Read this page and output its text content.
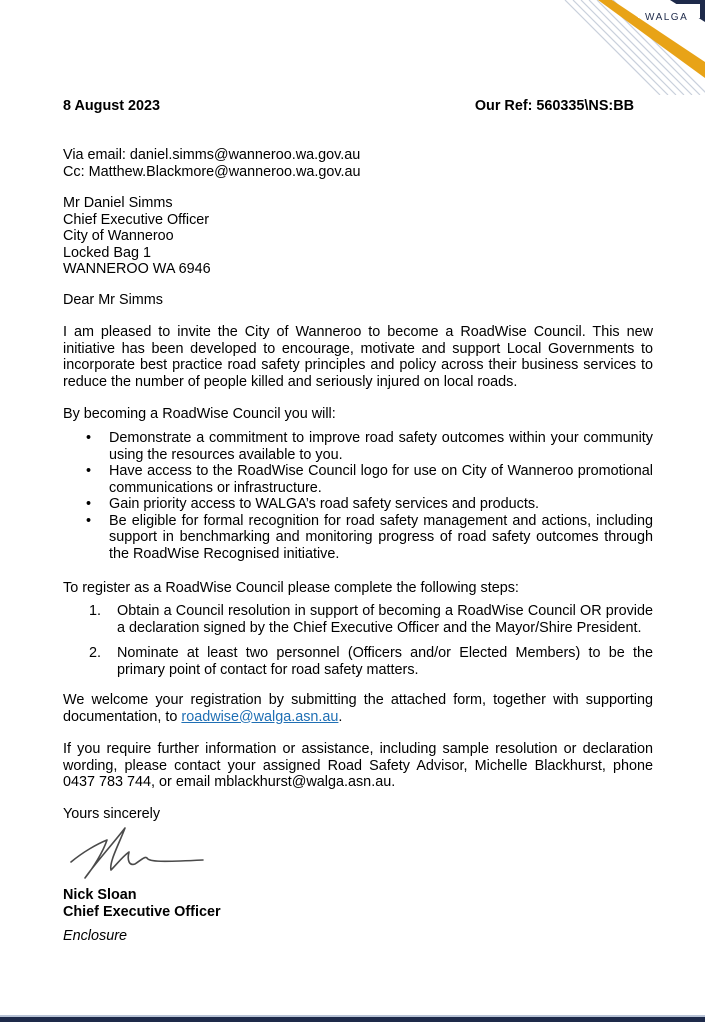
WALGA
8 August 2023	Our Ref: 560335\NS:BB
Via email: daniel.simms@wanneroo.wa.gov.au
Cc: Matthew.Blackmore@wanneroo.wa.gov.au
Mr Daniel Simms
Chief Executive Officer
City of Wanneroo
Locked Bag 1
WANNEROO WA 6946
Dear Mr Simms
I am pleased to invite the City of Wanneroo to become a RoadWise Council. This new initiative has been developed to encourage, motivate and support Local Governments to incorporate best practice road safety principles and policy across their business services to reduce the number of people killed and seriously injured on local roads.
By becoming a RoadWise Council you will:
• Demonstrate a commitment to improve road safety outcomes within your community using the resources available to you.
• Have access to the RoadWise Council logo for use on City of Wanneroo promotional communications or infrastructure.
• Gain priority access to WALGA’s road safety services and products.
• Be eligible for formal recognition for road safety management and actions, including support in benchmarking and monitoring progress of road safety outcomes through the RoadWise Recognised initiative.
To register as a RoadWise Council please complete the following steps:
1. Obtain a Council resolution in support of becoming a RoadWise Council OR provide a declaration signed by the Chief Executive Officer and the Mayor/Shire President.
2. Nominate at least two personnel (Officers and/or Elected Members) to be the primary point of contact for road safety matters.
We welcome your registration by submitting the attached form, together with supporting documentation, to roadwise@walga.asn.au.
If you require further information or assistance, including sample resolution or declaration wording, please contact your assigned Road Safety Advisor, Michelle Blackhurst, phone 0437 783 744, or email mblackhurst@walga.asn.au.
Yours sincerely
Nick Sloan
Chief Executive Officer
Enclosure
